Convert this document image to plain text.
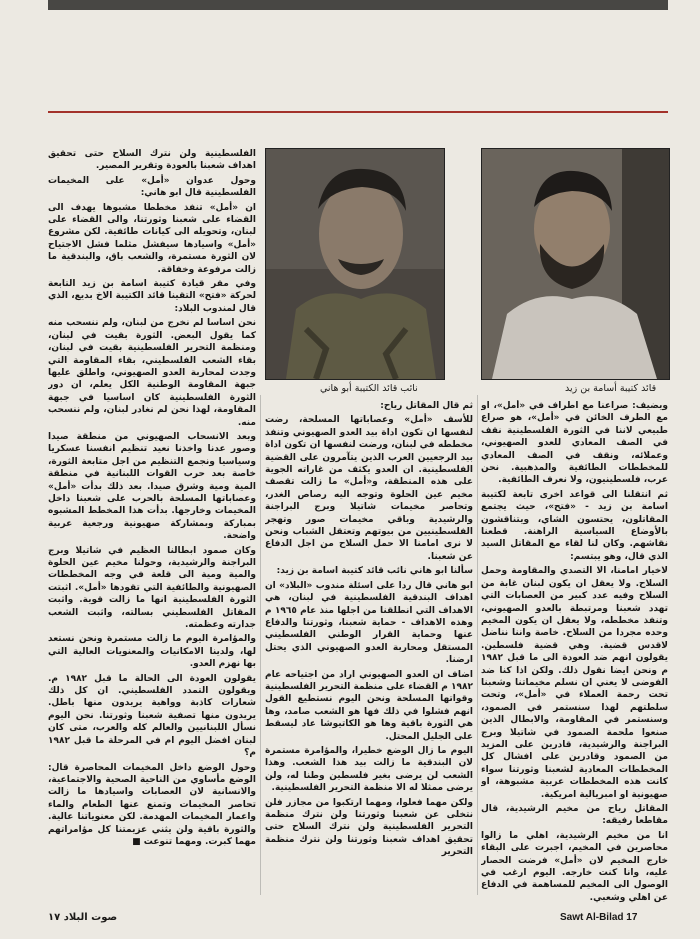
نائب قائد الكتيبة أبو هاني	قائد كتيبة أسامة بن زيد

الفلسطينية ولن نترك السلاح حتى تحقيق اهداف شعبنا بالعودة وتقرير المصير.

وحول عدوان «أمل» على المخيمات الفلسطينية قال ابو هاني:

ان «أمل» تنفذ مخططا مشبوها يهدف الى القضاء على شعبنا وثورتنا، والى القضاء على لبنان، وتحويله الى كيانات طائفية. لكن مشروع «أمل» واسيادها سيفشل مثلما فشل الاجتياح لان الثورة مستمرة، والشعب باق، والبندقية ما زالت مرفوعة وخفاقة.

وفي مقر قيادة كتيبة اسامة بن زيد التابعة لحركة «فتح» التقينا قائد الكتيبة الاخ بديع، الذي قال لمندوب البلاد:

نحن اساسا لم نخرج من لبنان، ولم ننسحب منه كما يقول البعض. الثورة بقيت في لبنان، ومنظمة التحرير الفلسطينية بقيت في لبنان، بقاء الشعب الفلسطيني، بقاء المقاومة التي وجدت لمحاربة العدو الصهيوني، واطلق عليها جبهة المقاومة الوطنية الكل يعلم، ان دور الثورة الفلسطينية كان اساسيا في جبهة المقاومة، لهذا نحن لم نغادر لبنان، ولم ننسحب منه.

وبعد الانسحاب الصهيوني من منطقة صيدا وصور عدنا واخذنا نعيد تنظيم انفسنا عسكريا وسياسيا ونجمع التنظيم من اجل متابعة الثورة، خاصة بعد حرب القوات اللبنانية في منطقة المية ومية وشرق صيدا. بعد ذلك بدأت «أمل» وعصاباتها المسلحة بالحرب على شعبنا داخل المخيمات وخارجها. بدأت هذا المخطط المشبوه بمباركة وبمشاركة صهيونية ورجعية عربية واضحة.

وكان صمود ابطالنا العظيم في شاتيلا وبرج البراجنة والرشيدية، وحولنا مخيم عين الحلوة والمية ومية الى قلعة في وجه المخططات الصهيونية والطائفية التي تقودها «أمل». اثبتت الثورة الفلسطينية انها ما زالت قوية. واثبت المقاتل الفلسطيني بسالته، واثبت الشعب جدارته وعظمته.

والمؤامرة اليوم ما زالت مستمرة ونحن نستعد لها، ولدينا الامكانيات والمعنويات العالية التي بها نهزم العدو.

يقولون العودة الى الحالة ما قبل ١٩٨٢ م. ويقولون التمدد الفلسطيني. ان كل ذلك شعارات كاذبة وواهية يريدون منها باطل. يريدون منها تصفية شعبنا وثورتنا. نحن اليوم نسأل اللبنانيين والعالم كله والعرب، متى كان لبنان افضل اليوم ام في المرحلة ما قبل ١٩٨٢ م؟

وحول الوضع داخل المخيمات المحاصرة قال: الوضع مأساوي من الناحية الصحية والاجتماعية، والانسانية لان العصابات واسيادها ما زالت تحاصر المخيمات وتمنع عنها الطعام والماء واعمار المخيمات المهدمة. لكن معنوياتنا عالية. والثورة باقية ولن يثني عزيمتنا كل مؤامراتهم مهما كبرت. ومهما تنوعت ■

ثم قال المقاتل رياح:

للأسف «أمل» وعصاباتها المسلحة، رضت لنفسها ان تكون اداة بيد العدو الصهيوني وتنفذ مخططه في لبنان، ورضت لنفسها ان تكون اداة بيد الرجعيين العرب الذين يتآمرون على القضية الفلسطينية. ان العدو يكثف من غاراته الجوية على هذه المنطقة، و«أمل» ما زالت تقصف مخيم عين الحلوة وتوجه اليه رصاص الغدر، وتحاصر مخيمات شاتيلا وبرج البراجنة والرشيدية وباقي مخيمات صور وتهجر الفلسطينيين من بيوتهم وتعتقل الشباب ونحن لا نرى امامنا الا حمل السلاح من اجل الدفاع عن شعبنا.

سألنا ابو هاني نائب قائد كتيبة اسامة بن زيد:

ابو هاني قال ردا على اسئلة مندوب «البلاد» ان اهداف البندقية الفلسطينية في لبنان، هي الاهداف التي انطلقنا من اجلها منذ عام ١٩٦٥ م وهذه الاهداف - حماية شعبنا، وثورتنا والدفاع عنها وحماية القرار الوطني الفلسطيني المستقل ومحاربة العدو الصهيوني الذي يحتل ارضنا.

اضاف ان العدو الصهيوني اراد من اجتياحه عام ١٩٨٢ م القضاء على منظمة التحرير الفلسطينية وقواتها المسلحة ونحن اليوم نستطيع القول انهم فشلوا في ذلك فها هو الشعب صامد، وها هي الثورة باقية وها هو الكاتيوشا عاد ليسقط على الجليل المحتل.

اليوم ما زال الوضع خطيرا، والمؤامرة مستمرة لان البندقية ما زالت بيد هذا الشعب. وهذا الشعب لن يرضى بغير فلسطين وطنا له، ولن يرضى ممثلا له الا منظمة التحرير الفلسطينية.

ولكن مهما فعلوا، ومهما ارتكبوا من مجازر فلن نتخلى عن شعبنا وثورتنا ولن نترك منظمة التحرير الفلسطينية ولن نترك السلاح حتى تحقيق اهداف شعبنا وثورتنا ولن نترك منظمة التحرير

ويضيف: صراعنا مع اطراف في «أمل»، او مع الطرف الخائن في «أمل»، هو صراع طبيعي لاننا في الثورة الفلسطينية نقف في الصف المعادي للعدو الصهيوني، وعملائه، ونقف في الصف المعادي للمخططات الطائفية والمذهبية. نحن عرب، فلسطينيون، ولا نعرف الطائفية.

ثم انتقلنا الى قواعد اخرى تابعة لكتيبة اسامة بن زيد - «فتح»، حيث يجتمع المقاتلون، يحتسون الشاي، ويتناقشون بالأوضاع السياسية الراهنة. قطعنا نقاشهم. وكان لنا لقاء مع المقاتل السيد الذي قال، وهو يبتسم:

لاخيار امامنا، الا التصدي والمقاومة وحمل السلاح. ولا يعقل ان يكون لبنان غابة من السلاح وفيه عدد كبير من العصابات التي تهدد شعبنا ومرتبطة بالعدو الصهيوني، وتنفذ مخططه، ولا يعقل ان يكون المخيم وحده مجردا من السلاح. خاصة واننا نناضل لاقدس قضية. وهي قضية فلسطين. يقولون انهم ضد العودة الى ما قبل ١٩٨٢ م ونحن ايضا نقول ذلك. ولكن اذا كنا ضد الفوضى لا يعني ان نسلم مخيماتنا وشعبنا تحت رحمة العملاء في «أمل»، وتحت سلطتهم لهذا سنستمر في الصمود، وسنستمر في المقاومة، والابطال الذين صنعوا ملحمة الصمود في شاتيلا وبرج البراجنة والرشيدية، قادرين على المزيد من الصمود وقادرين على افشال كل المخططات المعادية لشعبنا وثورتنا سواء كانت هذه المخططات عربية مشبوهة، او صهيونية او امبريالية امريكية.

المقاتل رياح من مخيم الرشيدية، قال مقاطعا رفيقه:

انا من مخيم الرشيدية، اهلي ما زالوا محاصرين في المخيم، اجبرت على البقاء خارج المخيم لان «أمل» فرضت الحصار عليه، وانا كنت خارجه. اليوم ارغب في الوصول الى المخيم للمساهمة في الدفاع عن اهلي وشعبي.

صوت البلاد ١٧	Sawt Al-Bilad 17
